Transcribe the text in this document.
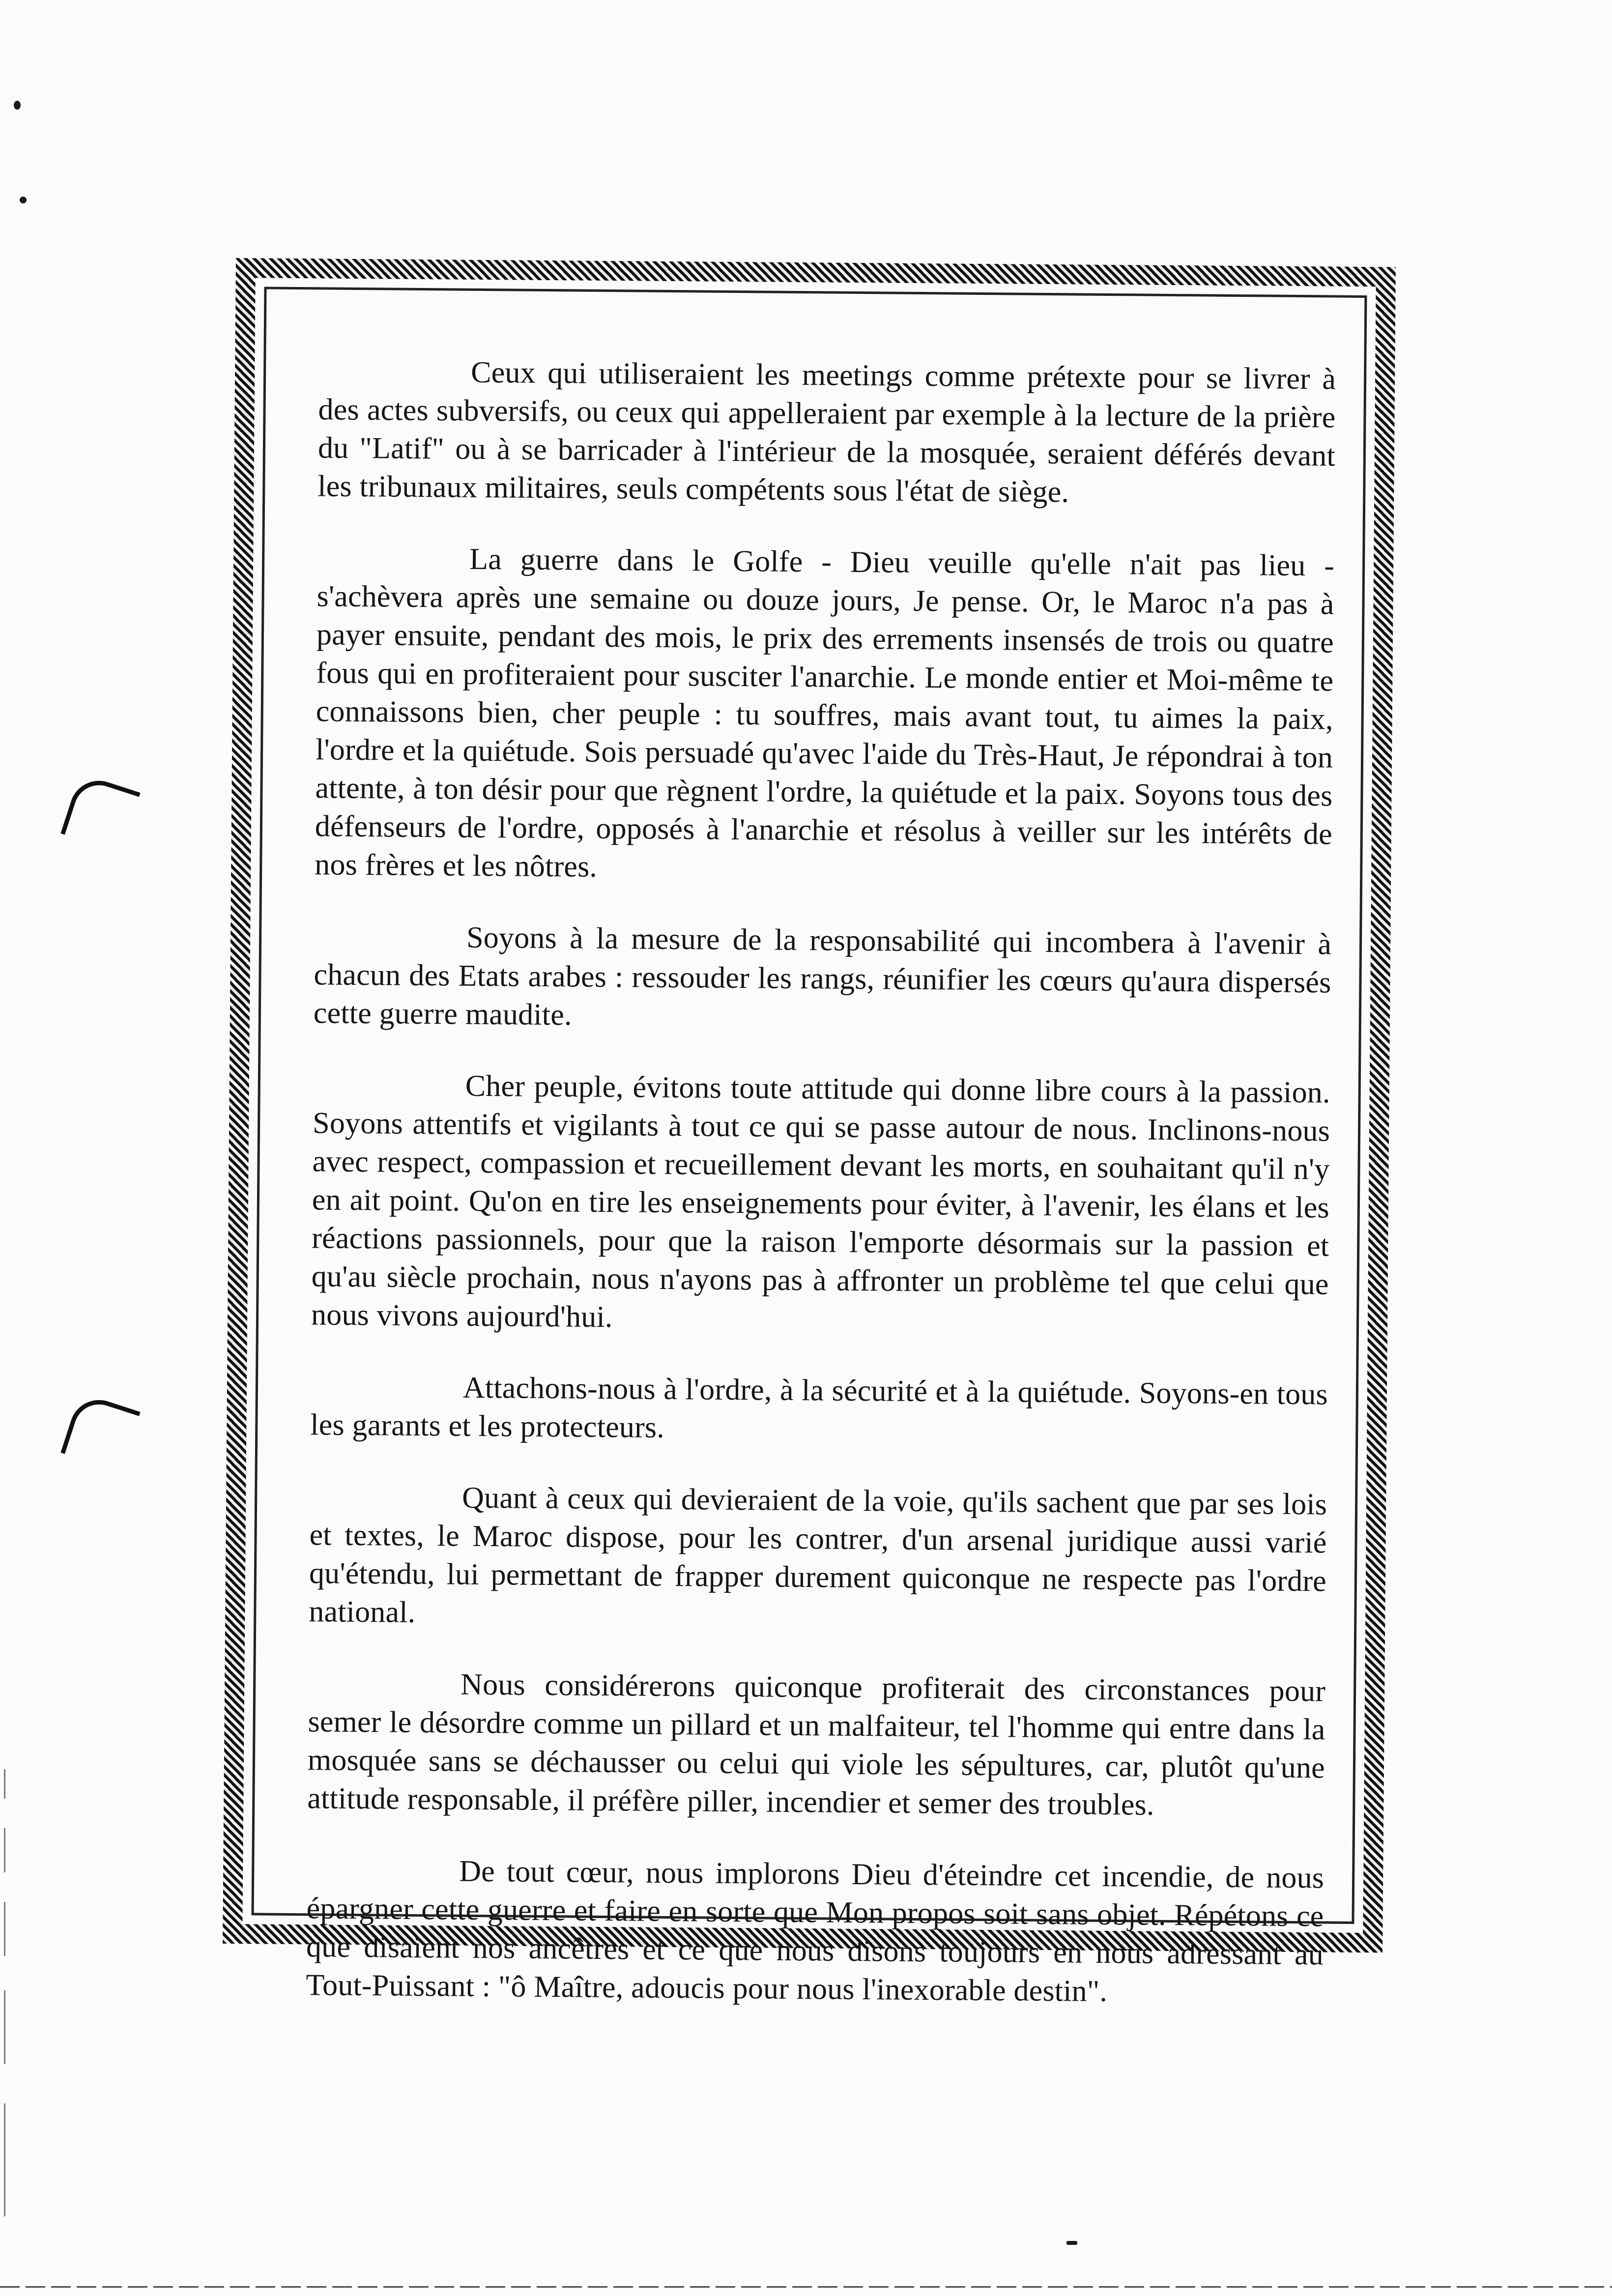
Ceux qui utiliseraient les meetings comme prétexte pour se livrer à des actes subversifs, ou ceux qui appelleraient par exemple à la lecture de la prière du "Latif" ou à se barricader à l'intérieur de la mosquée, seraient déférés devant les tribunaux militaires, seuls compétents sous l'état de siège.

La guerre dans le Golfe - Dieu veuille qu'elle n'ait pas lieu - s'achèvera après une semaine ou douze jours, Je pense. Or, le Maroc n'a pas à payer ensuite, pendant des mois, le prix des errements insensés de trois ou quatre fous qui en profiteraient pour susciter l'anarchie. Le monde entier et Moi-même te connaissons bien, cher peuple : tu souffres, mais avant tout, tu aimes la paix, l'ordre et la quiétude. Sois persuadé qu'avec l'aide du Très-Haut, Je répondrai à ton attente, à ton désir pour que règnent l'ordre, la quiétude et la paix. Soyons tous des défenseurs de l'ordre, opposés à l'anarchie et résolus à veiller sur les intérêts de nos frères et les nôtres.

Soyons à la mesure de la responsabilité qui incombera à l'avenir à chacun des Etats arabes : ressouder les rangs, réunifier les cœurs qu'aura dispersés cette guerre maudite.

Cher peuple, évitons toute attitude qui donne libre cours à la passion. Soyons attentifs et vigilants à tout ce qui se passe autour de nous. Inclinons-nous avec respect, compassion et recueillement devant les morts, en souhaitant qu'il n'y en ait point. Qu'on en tire les enseignements pour éviter, à l'avenir, les élans et les réactions passionnels, pour que la raison l'emporte désormais sur la passion et qu'au siècle prochain, nous n'ayons pas à affronter un problème tel que celui que nous vivons aujourd'hui.

Attachons-nous à l'ordre, à la sécurité et à la quiétude. Soyons-en tous les garants et les protecteurs.

Quant à ceux qui devieraient de la voie, qu'ils sachent que par ses lois et textes, le Maroc dispose, pour les contrer, d'un arsenal juridique aussi varié qu'étendu, lui permettant de frapper durement quiconque ne respecte pas l'ordre national.

Nous considérerons quiconque profiterait des circonstances pour semer le désordre comme un pillard et un malfaiteur, tel l'homme qui entre dans la mosquée sans se déchausser ou celui qui viole les sépultures, car, plutôt qu'une attitude responsable, il préfère piller, incendier et semer des troubles.

De tout cœur, nous implorons Dieu d'éteindre cet incendie, de nous épargner cette guerre et faire en sorte que Mon propos soit sans objet. Répétons ce que disaient nos ancêtres et ce que nous disons toujours en nous adressant au Tout-Puissant : "ô Maître, adoucis pour nous l'inexorable destin".
